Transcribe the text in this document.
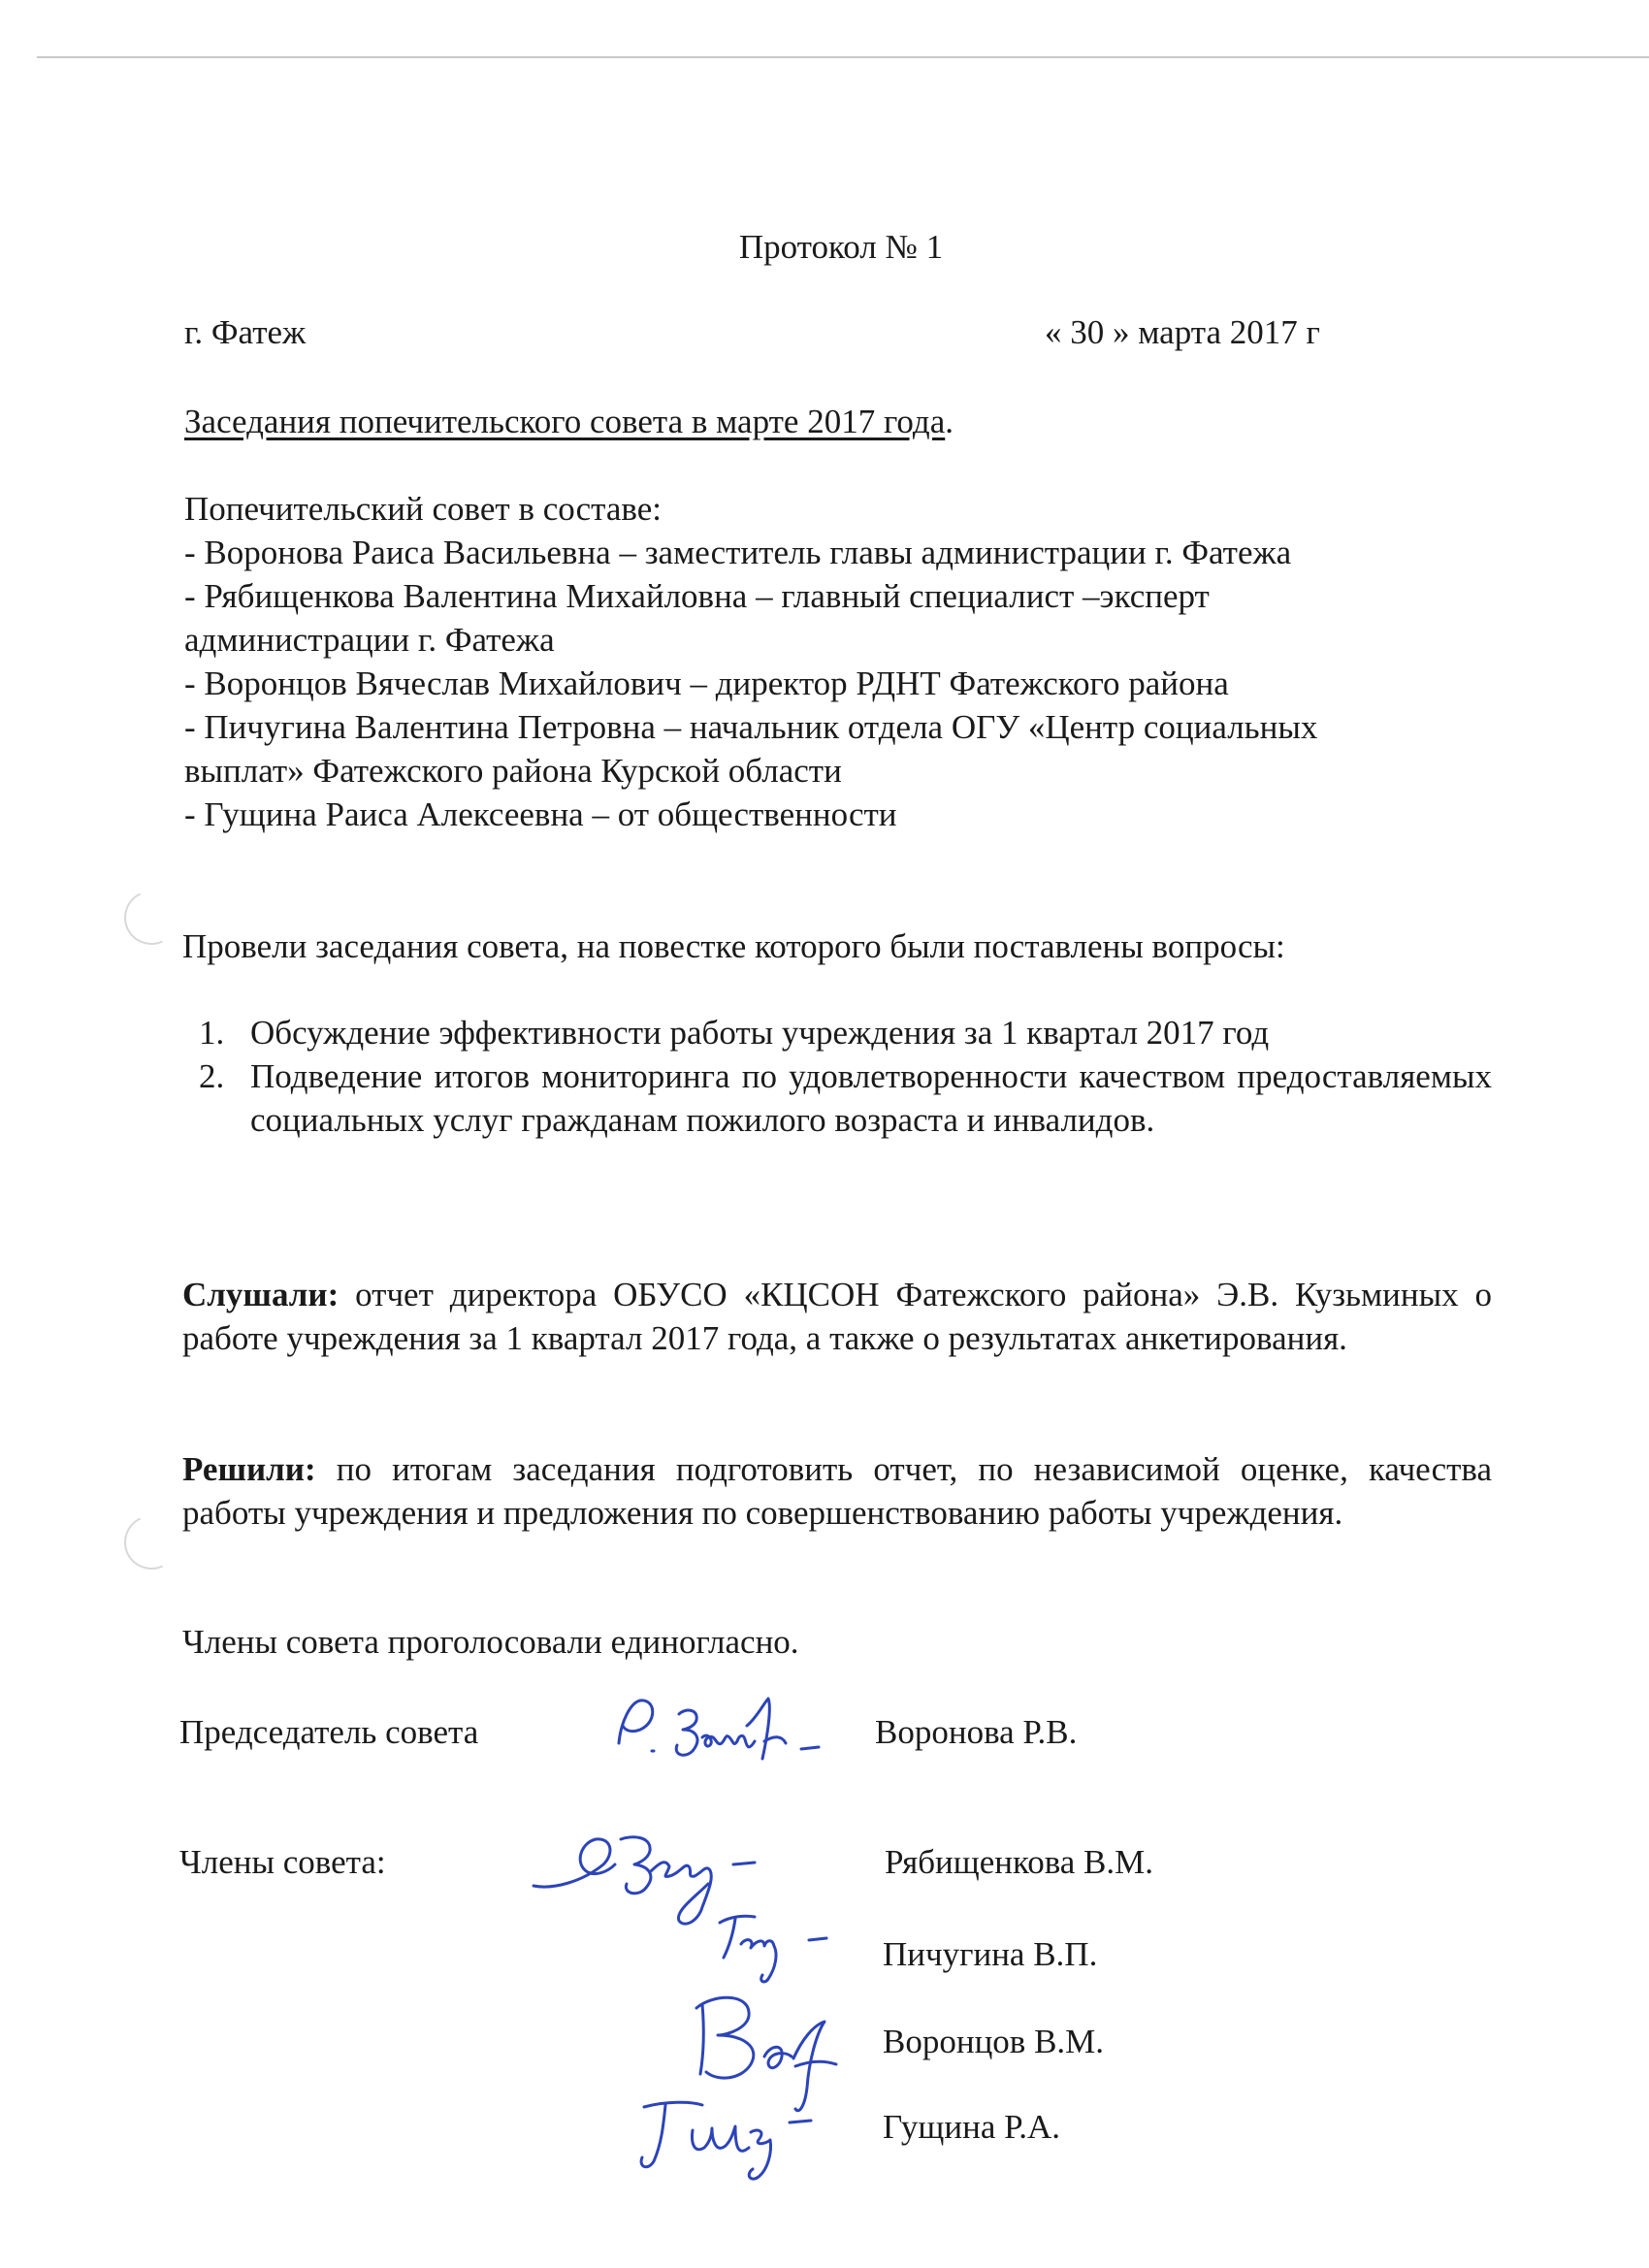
Протокол № 1
г. Фатеж	« 30 » марта 2017 г
Заседания попечительского совета в марте 2017 года.
Попечительский совет в составе:
- Воронова Раиса Васильевна – заместитель главы администрации г. Фатежа
- Рябищенкова Валентина Михайловна – главный специалист –эксперт
администрации г. Фатежа
- Воронцов Вячеслав Михайлович – директор РДНТ Фатежского района
- Пичугина Валентина Петровна – начальник отдела ОГУ «Центр социальных
выплат» Фатежского района Курской области
- Гущина Раиса Алексеевна – от общественности
Провели заседания совета, на повестке которого были поставлены вопросы:
1. Обсуждение эффективности работы учреждения за 1 квартал 2017 год
2. Подведение итогов мониторинга по удовлетворенности качеством предоставляемых социальных услуг гражданам пожилого возраста и инвалидов.
Слушали: отчет директора ОБУСО «КЦСОН Фатежского района» Э.В. Кузьминых о работе учреждения за 1 квартал 2017 года, а также о результатах анкетирования.
Решили: по итогам заседания подготовить отчет, по независимой оценке, качества работы учреждения и предложения по совершенствованию работы учреждения.
Члены совета проголосовали единогласно.
Председатель совета	Воронова Р.В.
Члены совета:	Рябищенкова В.М.
Пичугина В.П.
Воронцов В.М.
Гущина Р.А.
